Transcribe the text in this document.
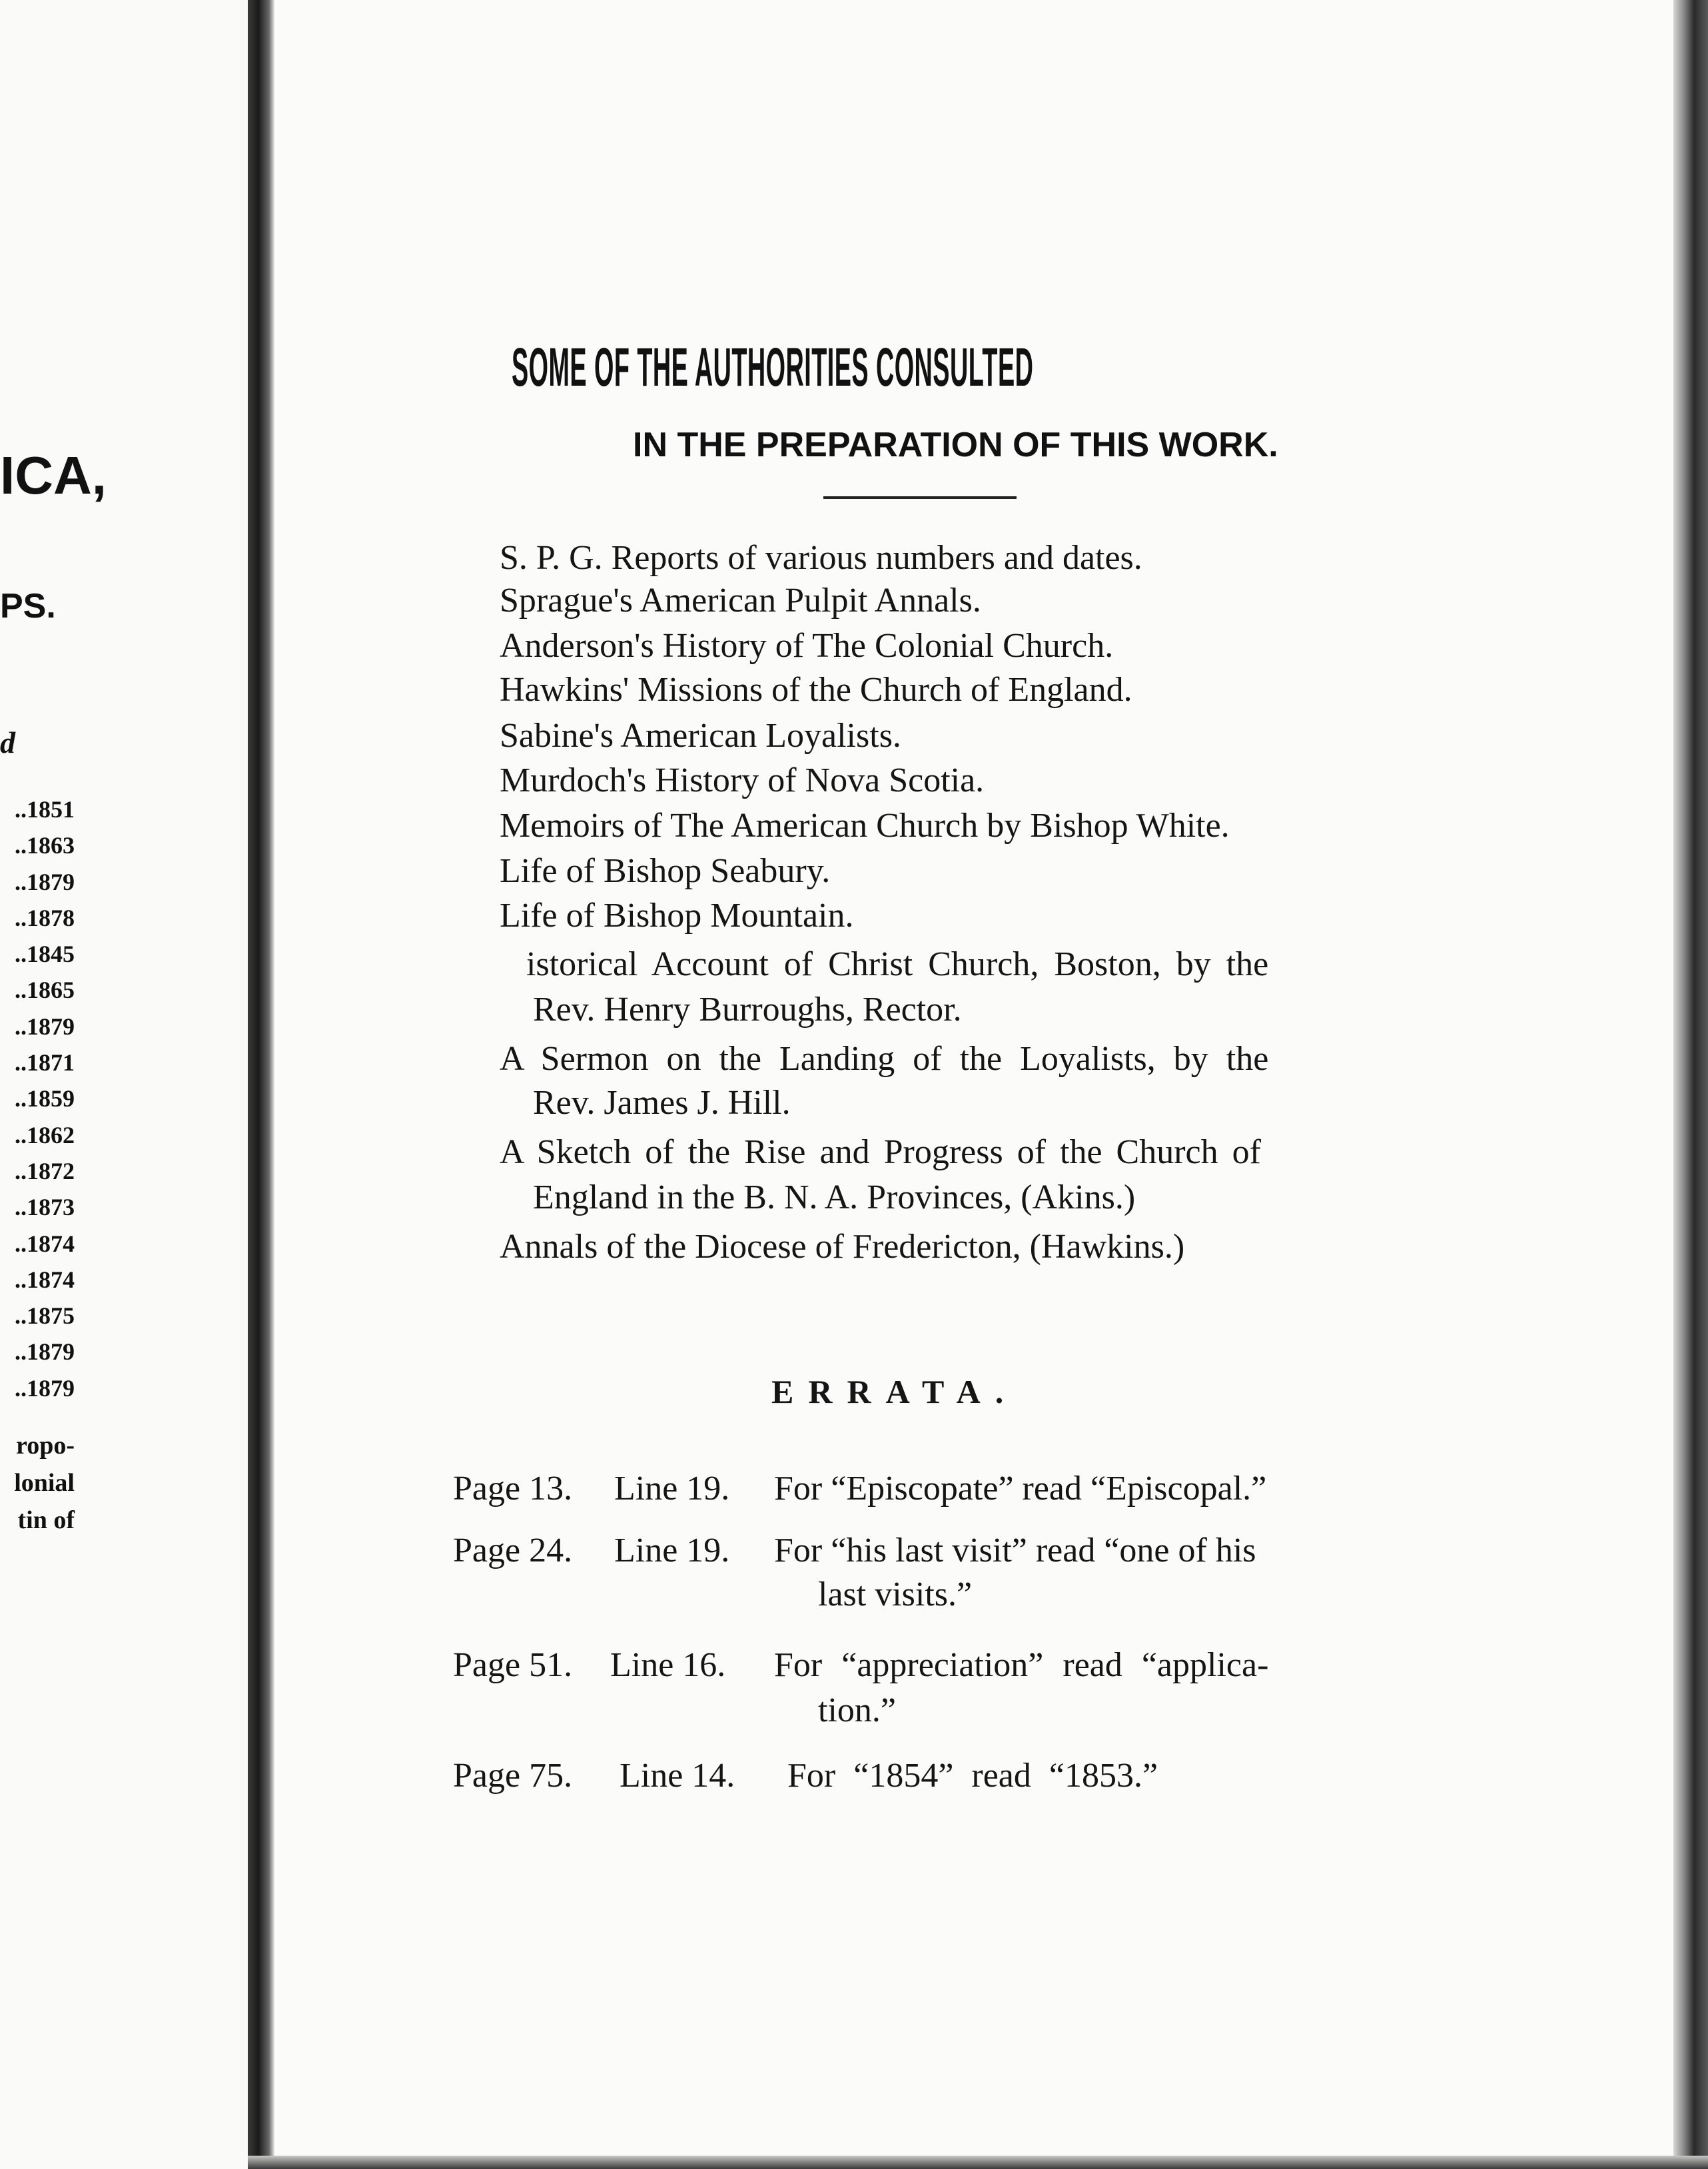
ICA,
PS.
d
..1851
..1863
..1879
..1878
..1845
..1865
..1879
..1871
..1859
..1862
..1872
..1873
..1874
..1874
..1875
..1879
..1879
ropo-
lonial
tin of
SOME OF THE AUTHORITIES CONSULTED
IN THE PREPARATION OF THIS WORK.
S. P. G. Reports of various numbers and dates.
Sprague's American Pulpit Annals.
Anderson's History of The Colonial Church.
Hawkins' Missions of the Church of England.
Sabine's American Loyalists.
Murdoch's History of Nova Scotia.
Memoirs of The American Church by Bishop White.
Life of Bishop Seabury.
Life of Bishop Mountain.
istorical Account of Christ Church, Boston, by the
Rev. Henry Burroughs, Rector.
A Sermon on the Landing of the Loyalists, by the
Rev. James J. Hill.
A Sketch of the Rise and Progress of the Church of
England in the B. N. A. Provinces, (Akins.)
Annals of the Diocese of Fredericton, (Hawkins.)
ERRATA.
Page 13. Line 19. For “Episcopate” read “Episcopal.”
Page 24. Line 19. For “his last visit” read “one of his
last visits.”
Page 51. Line 16. For “appreciation” read “applica-
tion.”
Page 75. Line 14. For “1854” read “1853.”
